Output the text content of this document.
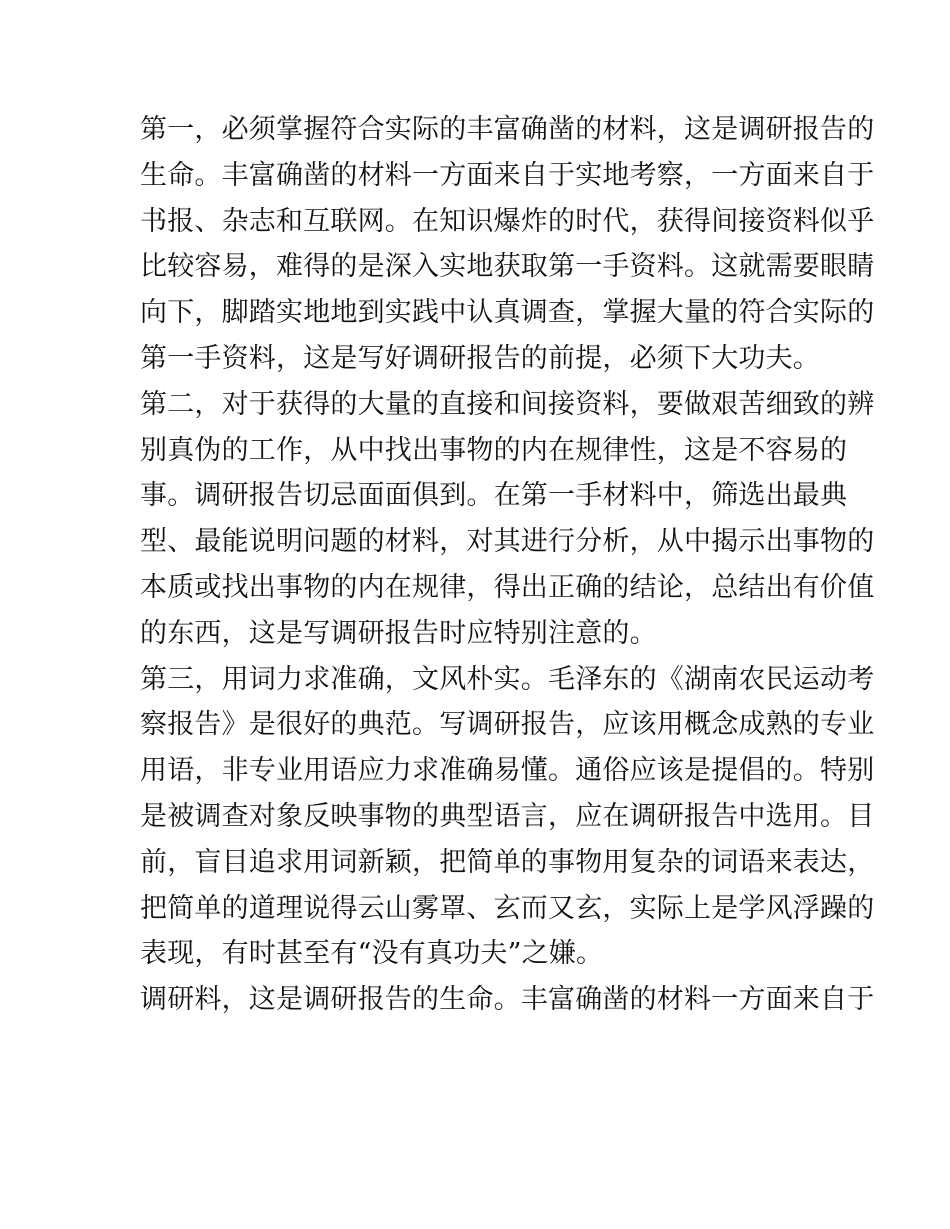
第一，必须掌握符合实际的丰富确凿的材料，这是调研报告的
生命。丰富确凿的材料一方面来自于实地考察，一方面来自于
书报、杂志和互联网。在知识爆炸的时代，获得间接资料似乎
比较容易，难得的是深入实地获取第一手资料。这就需要眼睛
向下，脚踏实地地到实践中认真调查，掌握大量的符合实际的
第一手资料，这是写好调研报告的前提，必须下大功夫。
第二，对于获得的大量的直接和间接资料，要做艰苦细致的辨
别真伪的工作，从中找出事物的内在规律性，这是不容易的
事。调研报告切忌面面俱到。在第一手材料中，筛选出最典
型、最能说明问题的材料，对其进行分析，从中揭示出事物的
本质或找出事物的内在规律，得出正确的结论，总结出有价值
的东西，这是写调研报告时应特别注意的。
第三，用词力求准确，文风朴实。毛泽东的《湖南农民运动考
察报告》是很好的典范。写调研报告，应该用概念成熟的专业
用语，非专业用语应力求准确易懂。通俗应该是提倡的。特别
是被调查对象反映事物的典型语言，应在调研报告中选用。目
前，盲目追求用词新颖，把简单的事物用复杂的词语来表达，
把简单的道理说得云山雾罩、玄而又玄，实际上是学风浮躁的
表现，有时甚至有“没有真功夫”之嫌。
调研料，这是调研报告的生命。丰富确凿的材料一方面来自于
